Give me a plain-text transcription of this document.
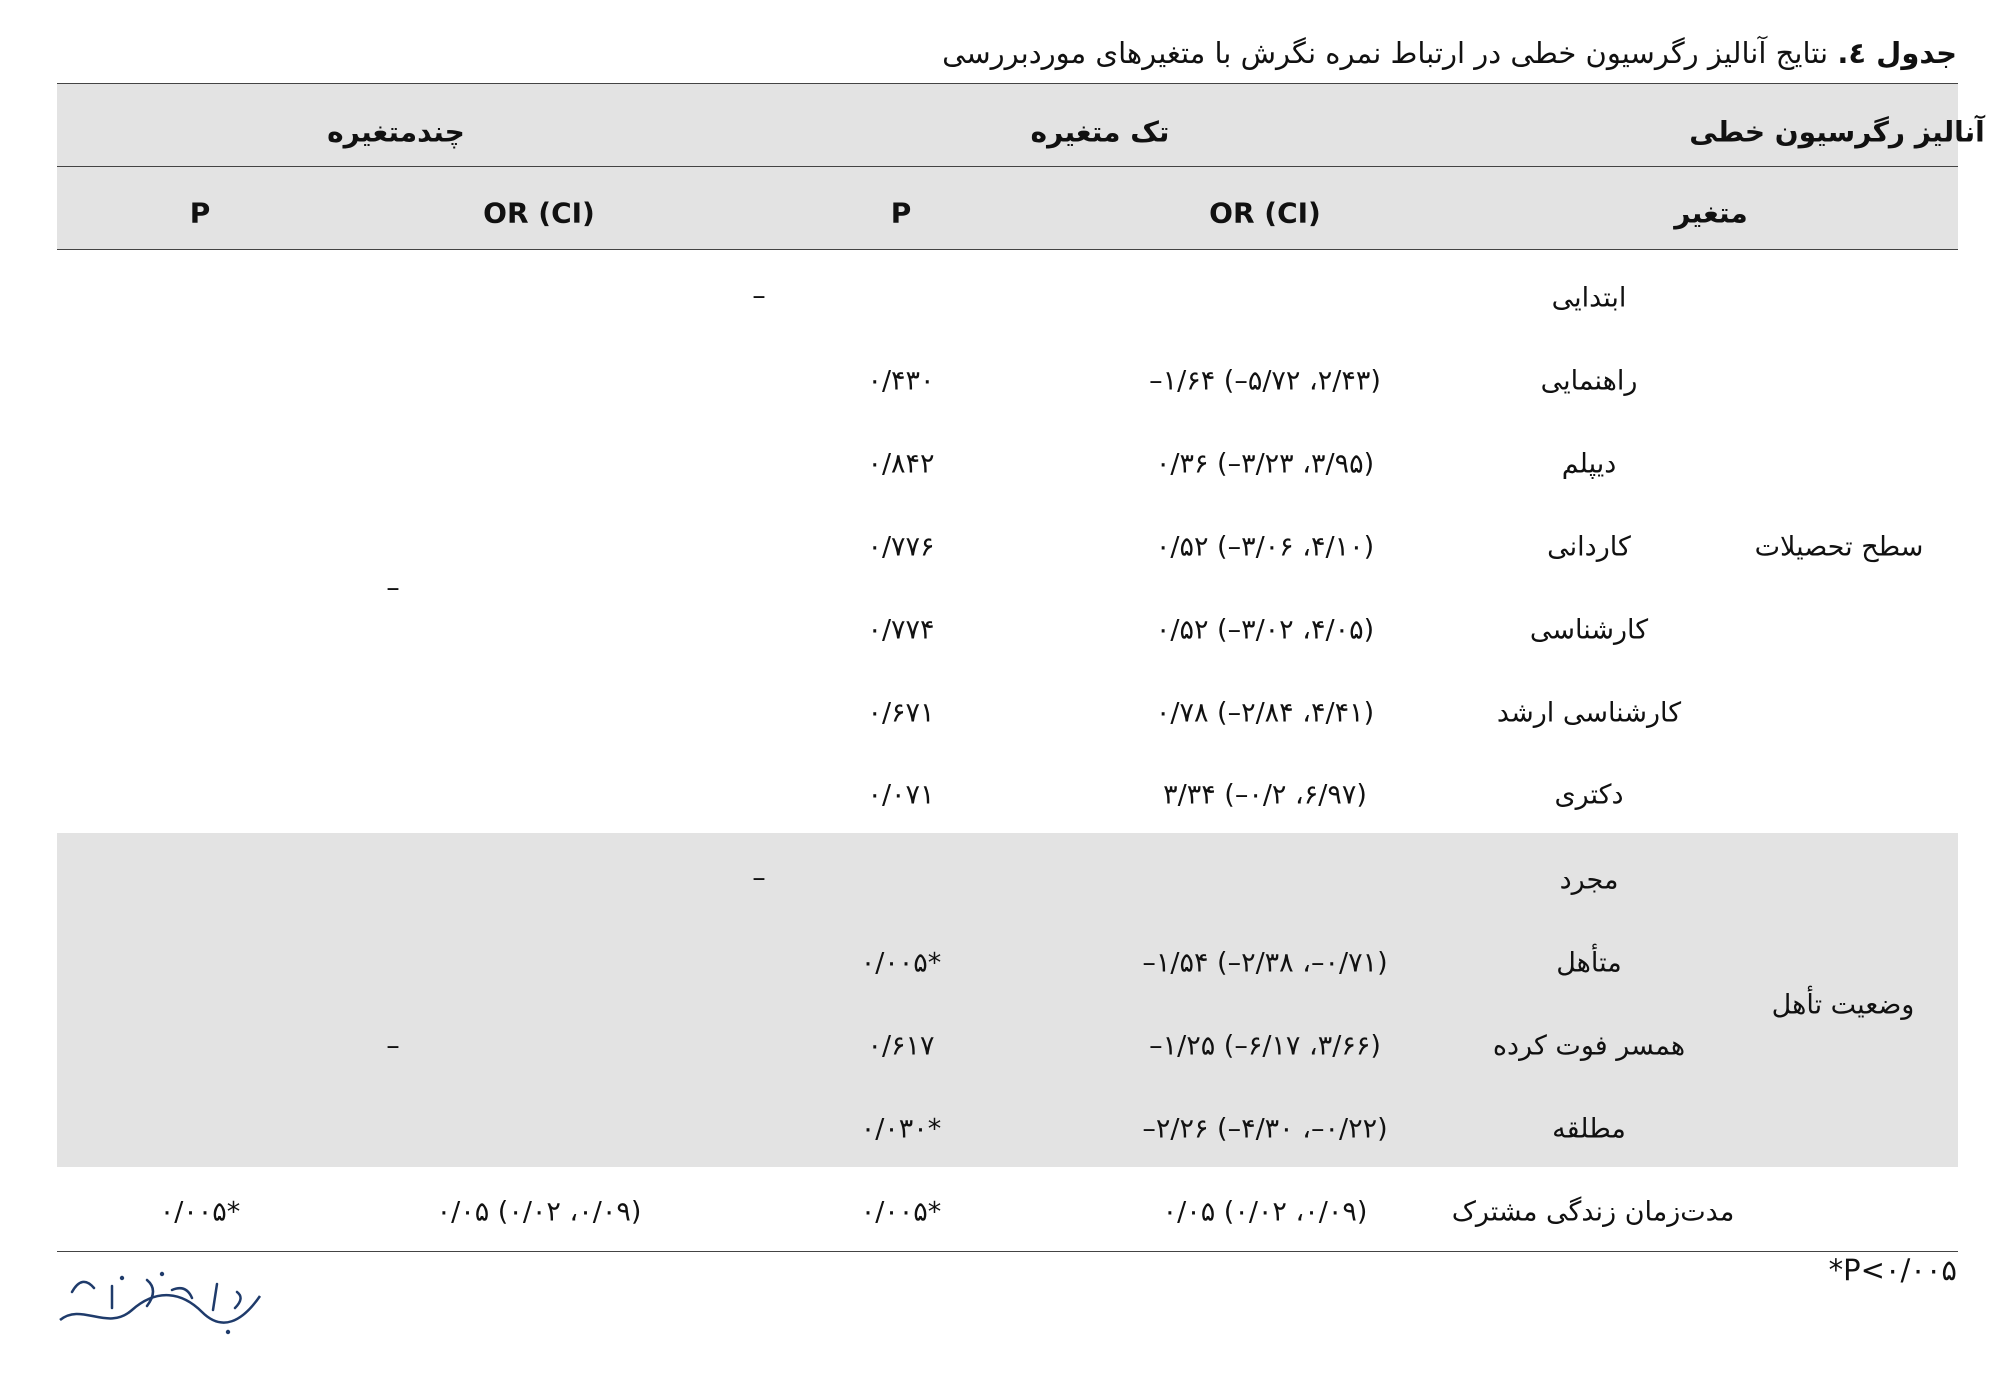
جدول ٤. نتایج آنالیز رگرسیون خطی در ارتباط نمره نگرش با متغیرهای موردبررسی
آنالیز رگرسیون خطی
تک متغیره
چندمتغیره
متغیر
OR (CI)
P
OR (CI)
P
سطح تحصیلات
–
ابتدایی
–
راهنمایی
(۲/۴۳، ۵/۷۲–) ۱/۶۴–
۰/۴۳۰
دیپلم
(۳/۹۵، ۳/۲۳–) ۰/۳۶
۰/۸۴۲
کاردانی
(۴/۱۰، ۳/۰۶–) ۰/۵۲
۰/۷۷۶
کارشناسی
(۴/۰۵، ۳/۰۲–) ۰/۵۲
۰/۷۷۴
کارشناسی ارشد
(۴/۴۱، ۲/۸۴–) ۰/۷۸
۰/۶۷۱
دکتری
(۶/۹۷، ۰/۲–) ۳/۳۴
۰/۰۷۱
وضعیت تأهل
–
مجرد
–
متأهل
(۰/۷۱–، ۲/۳۸–) ۱/۵۴–
*۰/۰۰۵
همسر فوت کرده
(۳/۶۶، ۶/۱۷–) ۱/۲۵–
۰/۶۱۷
مطلقه
(۰/۲۲–، ۴/۳۰–) ۲/۲۶–
*۰/۰۳۰
مدت‌زمان زندگی مشترک
(۰/۰۹، ۰/۰۲) ۰/۰۵
*۰/۰۰۵
(۰/۰۹، ۰/۰۲) ۰/۰۵
*۰/۰۰۵
*P<۰/۰۰۵
